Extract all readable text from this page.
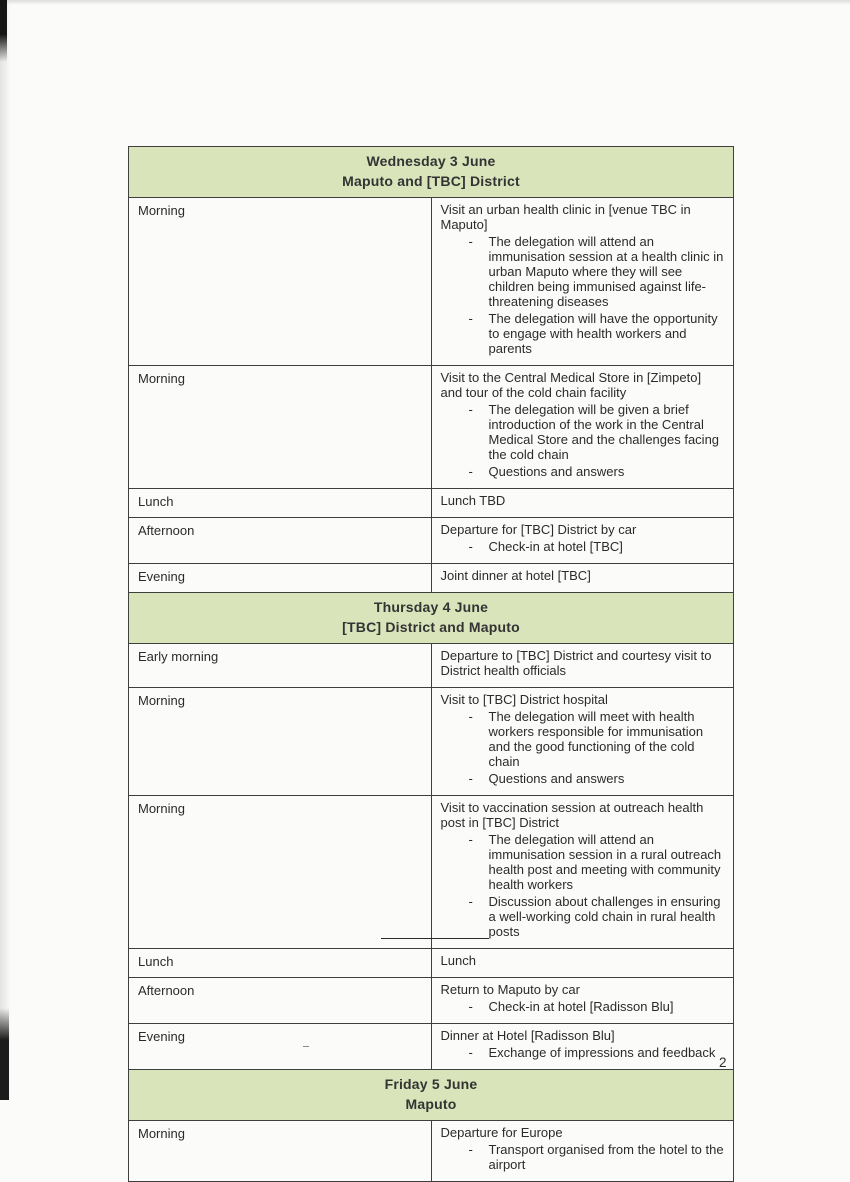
Wednesday 3 June
Maputo and [TBC] District	

Morning	Visit an urban health clinic in [venue TBC in Maputo]
- The delegation will attend an immunisation session at a health clinic in urban Maputo where they will see children being immunised against life-threatening diseases
- The delegation will have the opportunity to engage with health workers and parents

Morning	Visit to the Central Medical Store in [Zimpeto] and tour of the cold chain facility
- The delegation will be given a brief introduction of the work in the Central Medical Store and the challenges facing the cold chain
- Questions and answers

Lunch	Lunch TBD

Afternoon	Departure for [TBC] District by car
- Check-in at hotel [TBC]

Evening	Joint dinner at hotel [TBC]

Thursday 4 June
[TBC] District and Maputo	

Early morning	Departure to [TBC] District and courtesy visit to District health officials

Morning	Visit to [TBC] District hospital
- The delegation will meet with health workers responsible for immunisation and the good functioning of the cold chain
- Questions and answers

Morning	Visit to vaccination session at outreach health post in [TBC] District
- The delegation will attend an immunisation session in a rural outreach health post and meeting with community health workers
- Discussion about challenges in ensuring a well-working cold chain in rural health posts

Lunch	Lunch

Afternoon	Return to Maputo by car
- Check-in at hotel [Radisson Blu]

Evening	Dinner at Hotel [Radisson Blu]
- Exchange of impressions and feedback

Friday 5 June
Maputo	

Morning	Departure for Europe
- Transport organised from the hotel to the airport
2
